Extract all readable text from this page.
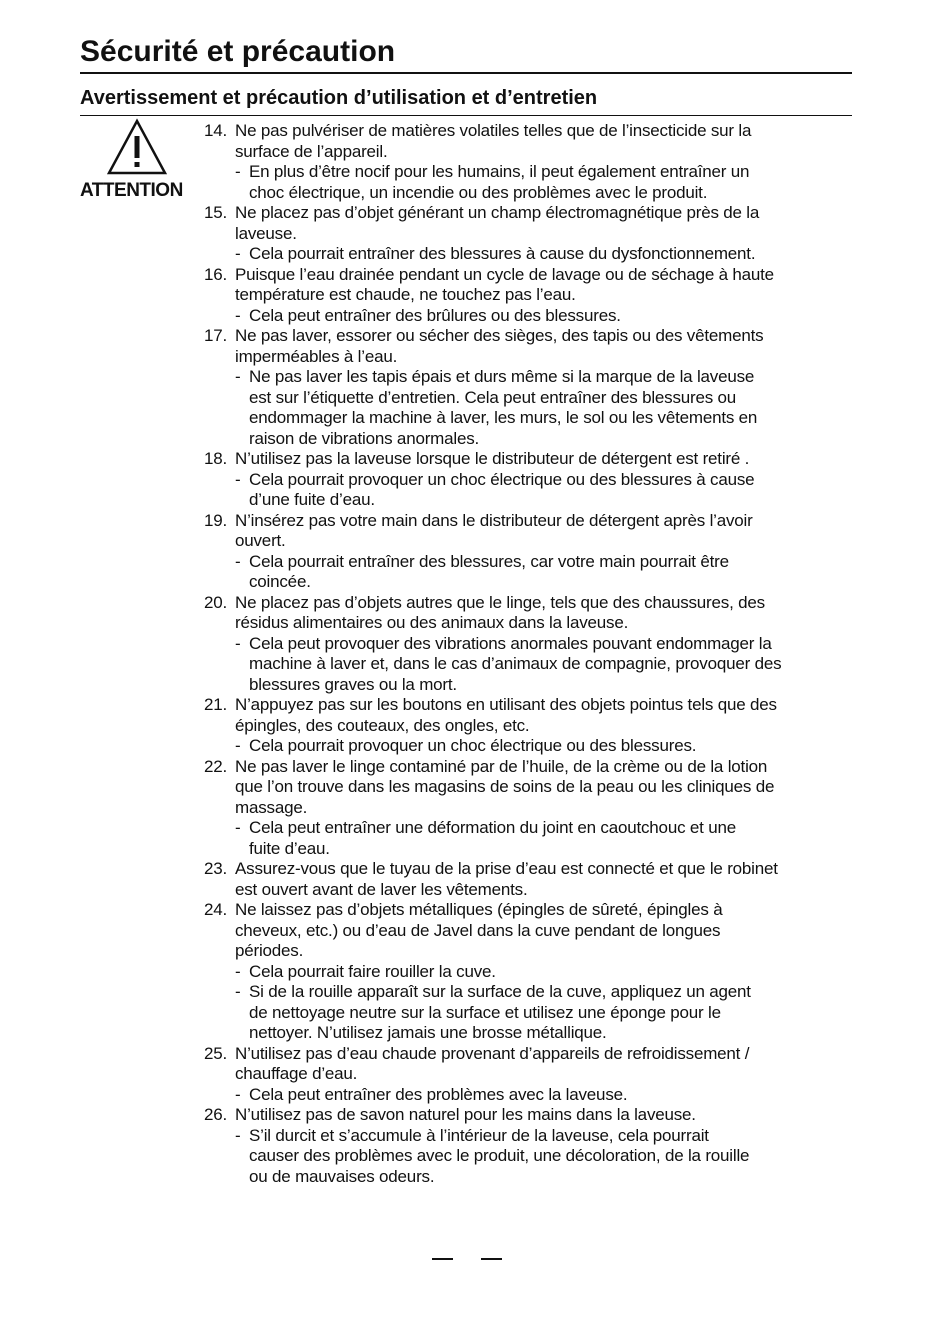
Sécurité et précaution
Avertissement et précaution d’utilisation et d’entretien
ATTENTION
14. Ne pas pulvériser de matières volatiles telles que de l’insecticide sur la
surface de l’appareil.
- En plus d’être nocif pour les humains, il peut également entraîner un
choc électrique, un incendie ou des problèmes avec le produit.
15. Ne placez pas d’objet générant un champ électromagnétique près de la
laveuse.
- Cela pourrait entraîner des blessures à cause du dysfonctionnement.
16. Puisque l’eau drainée pendant un cycle de lavage ou de séchage à haute
température est chaude, ne touchez pas l’eau.
- Cela peut entraîner des brûlures ou des blessures.
17. Ne pas laver, essorer ou sécher des sièges, des tapis ou des vêtements
imperméables à l’eau.
- Ne pas laver les tapis épais et durs même si la marque de la laveuse
est sur l’étiquette d’entretien. Cela peut entraîner des blessures ou
endommager la machine à laver, les murs, le sol ou les vêtements en
raison de vibrations anormales.
18. N’utilisez pas la laveuse lorsque le distributeur de détergent est retiré .
- Cela pourrait provoquer un choc électrique ou des blessures à cause
d’une fuite d’eau.
19. N’insérez pas votre main dans le distributeur de détergent après l’avoir
ouvert.
- Cela pourrait entraîner des blessures, car votre main pourrait être
coincée.
20. Ne placez pas d’objets autres que le linge, tels que des chaussures, des
résidus alimentaires ou des animaux dans la laveuse.
- Cela peut provoquer des vibrations anormales pouvant endommager la
machine à laver et, dans le cas d’animaux de compagnie, provoquer des
blessures graves ou la mort.
21. N’appuyez pas sur les boutons en utilisant des objets pointus tels que des
épingles, des couteaux, des ongles, etc.
- Cela pourrait provoquer un choc électrique ou des blessures.
22. Ne pas laver le linge contaminé par de l’huile, de la crème ou de la lotion
que l’on trouve dans les magasins de soins de la peau ou les cliniques de
massage.
- Cela peut entraîner une déformation du joint en caoutchouc et une
fuite d’eau.
23. Assurez-vous que le tuyau de la prise d’eau est connecté et que le robinet
est ouvert avant de laver les vêtements.
24. Ne laissez pas d’objets métalliques (épingles de sûreté, épingles à
cheveux, etc.) ou d’eau de Javel dans la cuve pendant de longues
périodes.
- Cela pourrait faire rouiller la cuve.
- Si de la rouille apparaît sur la surface de la cuve, appliquez un agent
de nettoyage neutre sur la surface et utilisez une éponge pour le
nettoyer. N’utilisez jamais une brosse métallique.
25. N’utilisez pas d’eau chaude provenant d’appareils de refroidissement /
chauffage d’eau.
- Cela peut entraîner des problèmes avec la laveuse.
26. N’utilisez pas de savon naturel pour les mains dans la laveuse.
- S’il durcit et s’accumule à l’intérieur de la laveuse, cela pourrait
causer des problèmes avec le produit, une décoloration, de la rouille
ou de mauvaises odeurs.
